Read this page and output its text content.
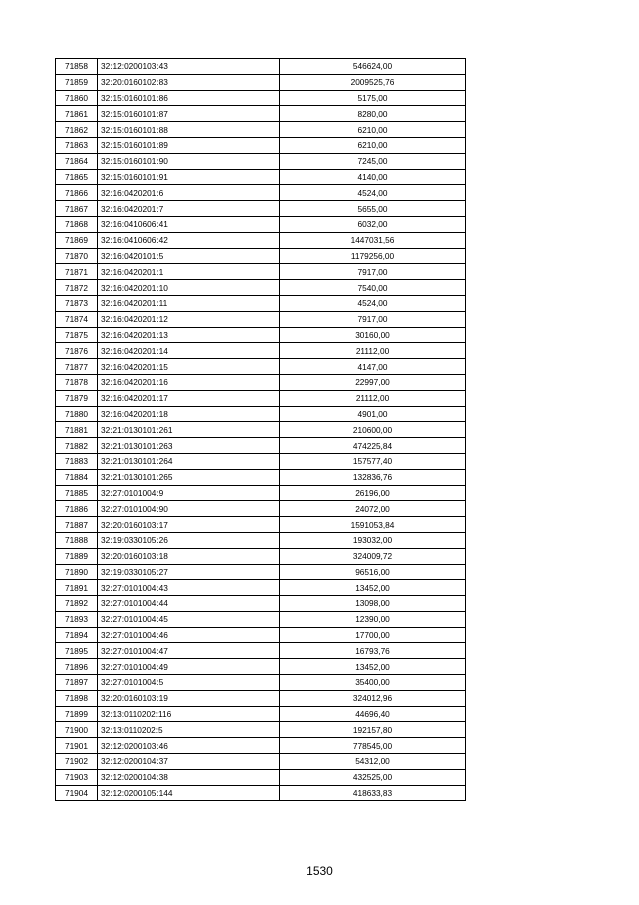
71858	32:12:0200103:43	546624,00
71859	32:20:0160102:83	2009525,76
71860	32:15:0160101:86	5175,00
71861	32:15:0160101:87	8280,00
71862	32:15:0160101:88	6210,00
71863	32:15:0160101:89	6210,00
71864	32:15:0160101:90	7245,00
71865	32:15:0160101:91	4140,00
71866	32:16:0420201:6	4524,00
71867	32:16:0420201:7	5655,00
71868	32:16:0410606:41	6032,00
71869	32:16:0410606:42	1447031,56
71870	32:16:0420101:5	1179256,00
71871	32:16:0420201:1	7917,00
71872	32:16:0420201:10	7540,00
71873	32:16:0420201:11	4524,00
71874	32:16:0420201:12	7917,00
71875	32:16:0420201:13	30160,00
71876	32:16:0420201:14	21112,00
71877	32:16:0420201:15	4147,00
71878	32:16:0420201:16	22997,00
71879	32:16:0420201:17	21112,00
71880	32:16:0420201:18	4901,00
71881	32:21:0130101:261	210600,00
71882	32:21:0130101:263	474225,84
71883	32:21:0130101:264	157577,40
71884	32:21:0130101:265	132836,76
71885	32:27:0101004:9	26196,00
71886	32:27:0101004:90	24072,00
71887	32:20:0160103:17	1591053,84
71888	32:19:0330105:26	193032,00
71889	32:20:0160103:18	324009,72
71890	32:19:0330105:27	96516,00
71891	32:27:0101004:43	13452,00
71892	32:27:0101004:44	13098,00
71893	32:27:0101004:45	12390,00
71894	32:27:0101004:46	17700,00
71895	32:27:0101004:47	16793,76
71896	32:27:0101004:49	13452,00
71897	32:27:0101004:5	35400,00
71898	32:20:0160103:19	324012,96
71899	32:13:0110202:116	44696,40
71900	32:13:0110202:5	192157,80
71901	32:12:0200103:46	778545,00
71902	32:12:0200104:37	54312,00
71903	32:12:0200104:38	432525,00
71904	32:12:0200105:144	418633,83
1530
